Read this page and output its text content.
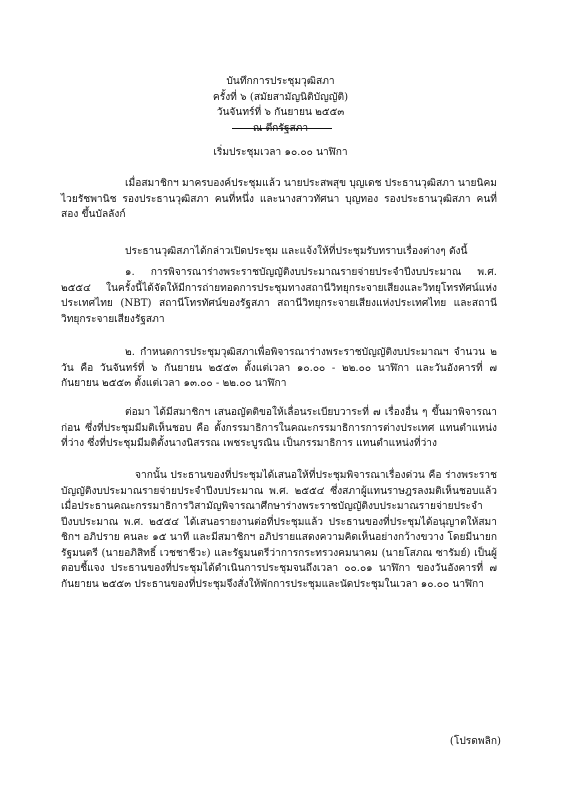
บันทึกการประชุมวุฒิสภา

ครั้งที่ ๖ (สมัยสามัญนิติบัญญัติ)

วันจันทร์ที่ ๖ กันยายน ๒๕๕๓

ณ ตึกรัฐสภา

เริ่มประชุมเวลา ๑๐.๐๐ นาฬิกา

เมื่อสมาชิกฯ มาครบองค์ประชุมแล้ว นายประสพสุข บุญเดช ประธานวุฒิสภา นายนิคม ไวยรัชพานิช รองประธานวุฒิสภา คนที่หนึ่ง และนางสาวทัศนา บุญทอง รองประธานวุฒิสภา คนที่สอง ขึ้นบัลลังก์

ประธานวุฒิสภาได้กล่าวเปิดประชุม และแจ้งให้ที่ประชุมรับทราบเรื่องต่างๆ ดังนี้

๑. การพิจารณาร่างพระราชบัญญัติงบประมาณรายจ่ายประจำปีงบประมาณ พ.ศ. ๒๕๕๔ ในครั้งนี้ได้จัดให้มีการถ่ายทอดการประชุมทางสถานีวิทยุกระจายเสียงและวิทยุโทรทัศน์แห่งประเทศไทย (NBT) สถานีโทรทัศน์ของรัฐสภา สถานีวิทยุกระจายเสียงแห่งประเทศไทย และสถานีวิทยุกระจายเสียงรัฐสภา

๒. กำหนดการประชุมวุฒิสภาเพื่อพิจารณาร่างพระราชบัญญัติงบประมาณฯ จำนวน ๒ วัน คือ วันจันทร์ที่ ๖ กันยายน ๒๕๕๓ ตั้งแต่เวลา ๑๐.๐๐ - ๒๒.๐๐ นาฬิกา และวันอังคารที่ ๗ กันยายน ๒๕๕๓ ตั้งแต่เวลา ๑๓.๐๐ - ๒๒.๐๐ นาฬิกา

ต่อมา ได้มีสมาชิกฯ เสนอญัตติขอให้เลื่อนระเบียบวาระที่ ๗ เรื่องอื่น ๆ ขึ้นมาพิจารณาก่อน ซึ่งที่ประชุมมีมติเห็นชอบ คือ ตั้งกรรมาธิการในคณะกรรมาธิการการต่างประเทศ แทนตำแหน่งที่ว่าง ซึ่งที่ประชุมมีมติตั้งนางนิสรรณ เพชระบูรณิน เป็นกรรมาธิการ แทนตำแหน่งที่ว่าง

จากนั้น ประธานของที่ประชุมได้เสนอให้ที่ประชุมพิจารณาเรื่องด่วน คือ ร่างพระราชบัญญัติงบประมาณรายจ่ายประจำปีงบประมาณ พ.ศ. ๒๕๕๔ ซึ่งสภาผู้แทนราษฎรลงมติเห็นชอบแล้ว เมื่อประธานคณะกรรมาธิการวิสามัญพิจารณาศึกษาร่างพระราชบัญญัติงบประมาณรายจ่ายประจำปีงบประมาณ พ.ศ. ๒๕๕๔ ได้เสนอรายงานต่อที่ประชุมแล้ว ประธานของที่ประชุมได้อนุญาตให้สมาชิกฯ อภิปราย คนละ ๑๕ นาที และมีสมาชิกฯ อภิปรายแสดงความคิดเห็นอย่างกว้างขวาง โดยมีนายกรัฐมนตรี (นายอภิสิทธิ์ เวชชาชีวะ) และรัฐมนตรีว่าการกระทรวงคมนาคม (นายโสภณ ซารัมย์) เป็นผู้ตอบชี้แจง ประธานของที่ประชุมได้ดำเนินการประชุมจนถึงเวลา ๐๐.๐๑ นาฬิกา ของวันอังคารที่ ๗ กันยายน ๒๕๕๓ ประธานของที่ประชุมจึงสั่งให้พักการประชุมและนัดประชุมในเวลา ๑๐.๐๐ นาฬิกา

(โปรดพลิก)
